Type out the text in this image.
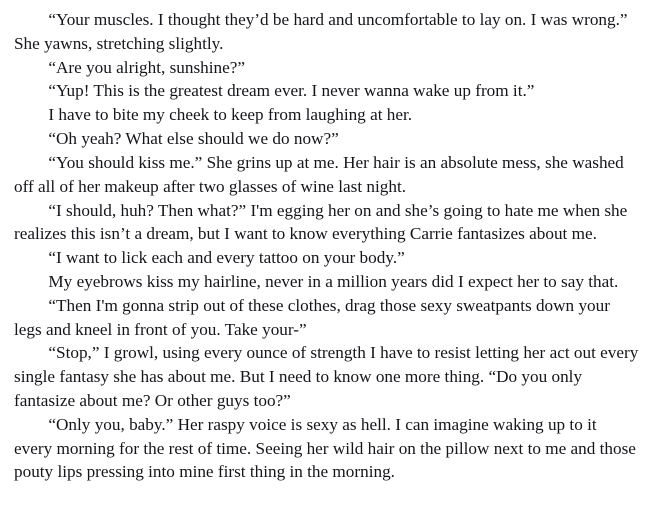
“Your muscles. I thought they’d be hard and uncomfortable to lay on. I was wrong.” She yawns, stretching slightly.

“Are you alright, sunshine?”

“Yup! This is the greatest dream ever. I never wanna wake up from it.”

I have to bite my cheek to keep from laughing at her.

“Oh yeah? What else should we do now?”

“You should kiss me.” She grins up at me. Her hair is an absolute mess, she washed off all of her makeup after two glasses of wine last night.

“I should, huh? Then what?” I'm egging her on and she’s going to hate me when she realizes this isn’t a dream, but I want to know everything Carrie fantasizes about me.

“I want to lick each and every tattoo on your body.”

My eyebrows kiss my hairline, never in a million years did I expect her to say that.

“Then I'm gonna strip out of these clothes, drag those sexy sweatpants down your legs and kneel in front of you. Take your-”

“Stop,” I growl, using every ounce of strength I have to resist letting her act out every single fantasy she has about me. But I need to know one more thing. “Do you only fantasize about me? Or other guys too?”

“Only you, baby.” Her raspy voice is sexy as hell. I can imagine waking up to it every morning for the rest of time. Seeing her wild hair on the pillow next to me and those pouty lips pressing into mine first thing in the morning.
